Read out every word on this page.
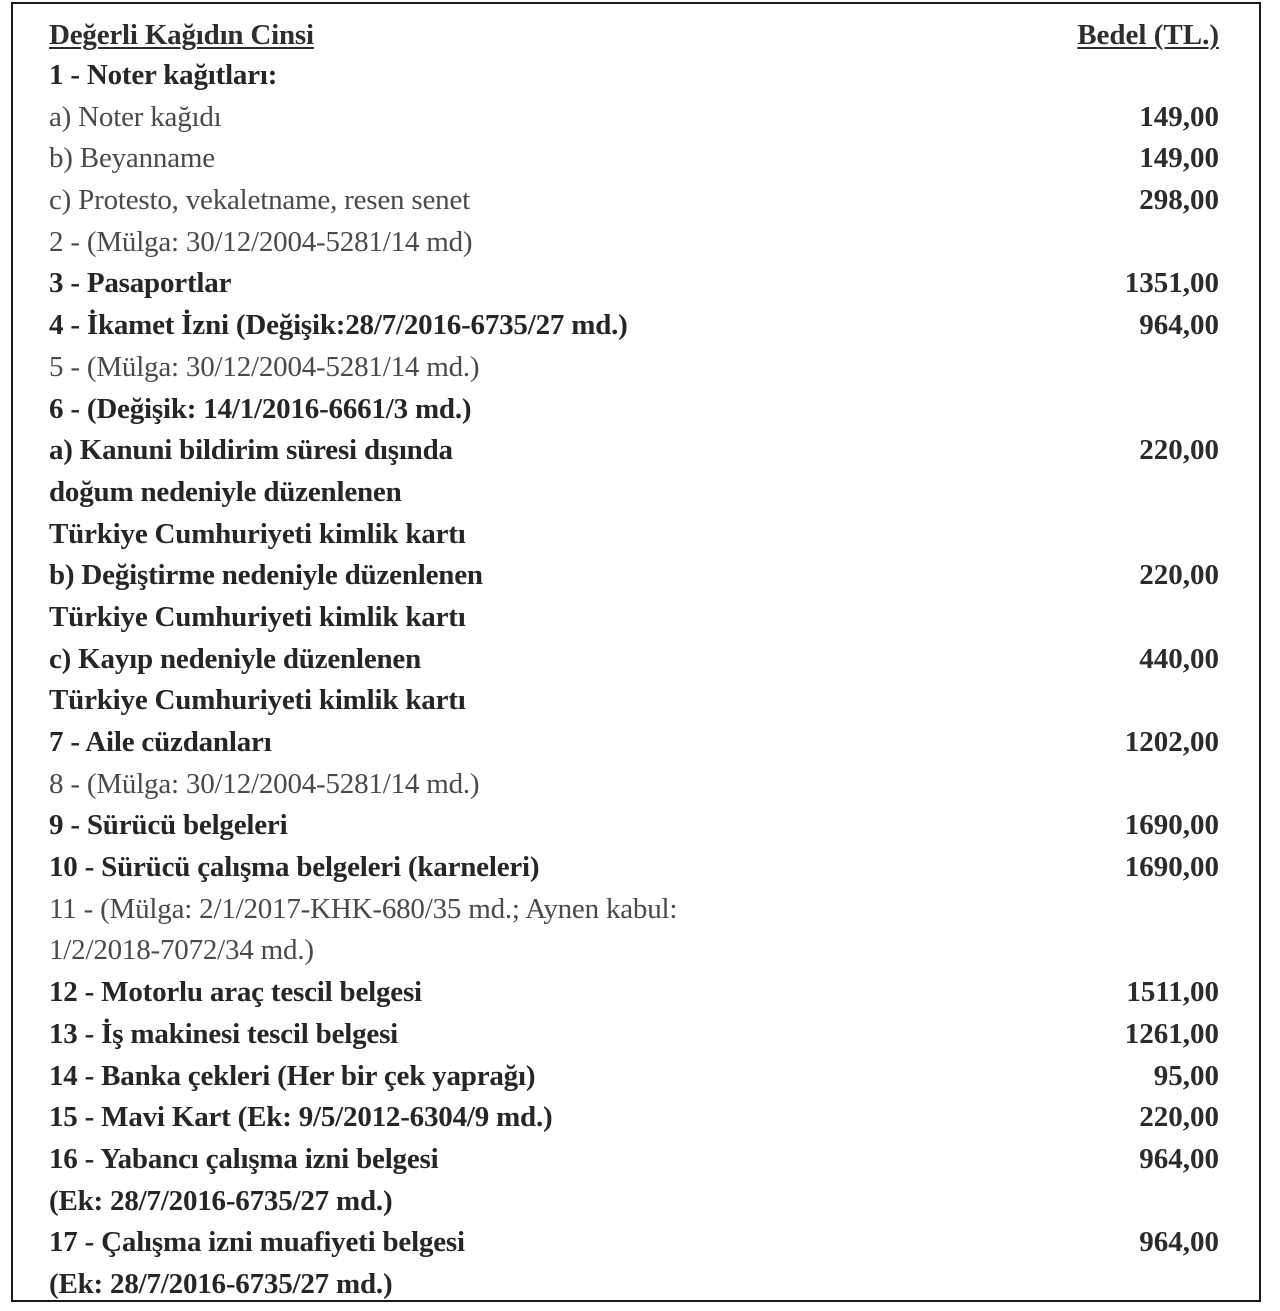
Değerli Kağıdın Cinsi	Bedel (TL.)
1 - Noter kağıtları:
a) Noter kağıdı	149,00
b) Beyanname	149,00
c) Protesto, vekaletname, resen senet	298,00
2 - (Mülga: 30/12/2004-5281/14 md)
3 - Pasaportlar	1351,00
4 - İkamet İzni (Değişik:28/7/2016-6735/27 md.)	964,00
5 - (Mülga: 30/12/2004-5281/14 md.)
6 - (Değişik: 14/1/2016-6661/3 md.)
a) Kanuni bildirim süresi dışında	220,00
doğum nedeniyle düzenlenen
Türkiye Cumhuriyeti kimlik kartı
b) Değiştirme nedeniyle düzenlenen	220,00
Türkiye Cumhuriyeti kimlik kartı
c) Kayıp nedeniyle düzenlenen	440,00
Türkiye Cumhuriyeti kimlik kartı
7 - Aile cüzdanları	1202,00
8 - (Mülga: 30/12/2004-5281/14 md.)
9 - Sürücü belgeleri	1690,00
10 - Sürücü çalışma belgeleri (karneleri)	1690,00
11 - (Mülga: 2/1/2017-KHK-680/35 md.; Aynen kabul:
1/2/2018-7072/34 md.)
12 - Motorlu araç tescil belgesi	1511,00
13 - İş makinesi tescil belgesi	1261,00
14 - Banka çekleri (Her bir çek yaprağı)	95,00
15 - Mavi Kart (Ek: 9/5/2012-6304/9 md.)	220,00
16 - Yabancı çalışma izni belgesi	964,00
(Ek: 28/7/2016-6735/27 md.)
17 - Çalışma izni muafiyeti belgesi	964,00
(Ek: 28/7/2016-6735/27 md.)
